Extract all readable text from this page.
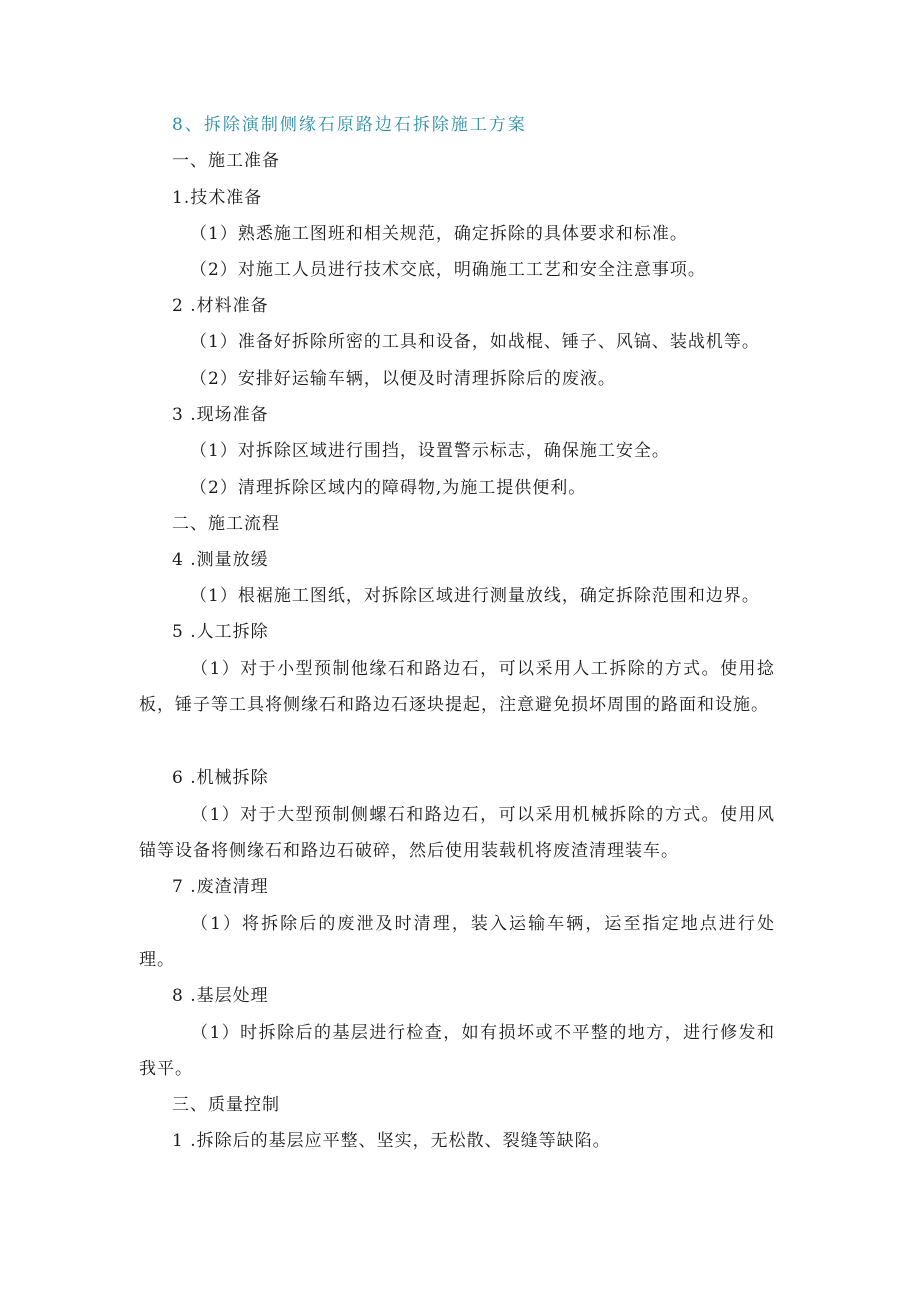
8、拆除演制侧缘石原路边石拆除施工方案
一、施工准备
1.技术准备
（1）熟悉施工图班和相关规范，确定拆除的具体要求和标准。
（2）对施工人员进行技术交底，明确施工工艺和安全注意事项。
2 .材料准备
（1）准备好拆除所密的工具和设备，如战棍、锤子、风镐、装战机等。
（2）安排好运输车辆，以便及时清理拆除后的废液。
3 .现场准备
（1）对拆除区域进行围挡，设置警示标志，确保施工安全。
（2）清理拆除区域内的障碍物,为施工提供便利。
二、施工流程
4 .测量放缓
（1）根裾施工图纸，对拆除区域进行测量放线，确定拆除范围和边界。
5 .人工拆除
（1）对于小型预制他缘石和路边石，可以采用人工拆除的方式。使用捻板，锤子等工具将侧缘石和路边石逐块提起，注意避免损坏周围的路面和设施。
6 .机械拆除
（1）对于大型预制侧螺石和路边石，可以采用机械拆除的方式。使用风锚等设备将侧缘石和路边石破碎，然后使用装载机将废渣清理装车。
7 .废渣清理
（1）将拆除后的废泄及时清理，装入运输车辆，运至指定地点进行处理。
8 .基层处理
（1）时拆除后的基层进行检查，如有损坏或不平整的地方，进行修发和我平。
三、质量控制
1 .拆除后的基层应平整、坚实，无松散、裂缝等缺陷。
